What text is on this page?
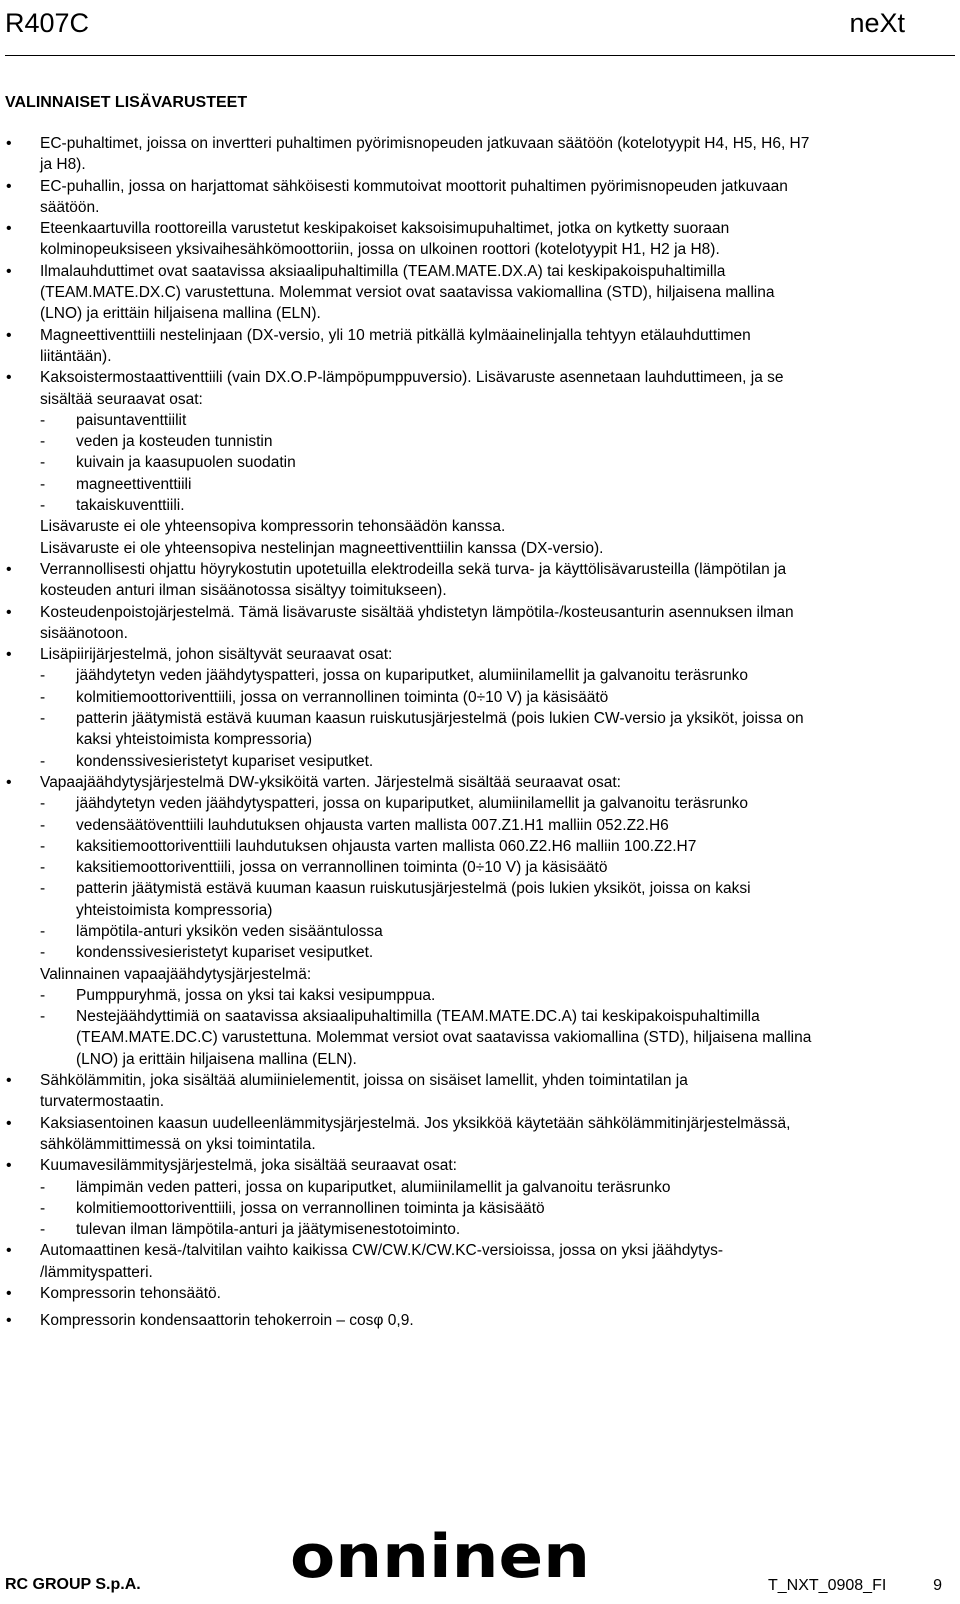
R407C	neXt
VALINNAISET LISÄVARUSTEET
• EC-puhaltimet, joissa on invertteri puhaltimen pyörimisnopeuden jatkuvaan säätöön (kotelotyypit H4, H5, H6, H7
ja H8).
• EC-puhallin, jossa on harjattomat sähköisesti kommutoivat moottorit puhaltimen pyörimisnopeuden jatkuvaan
säätöön.
• Eteenkaartuvilla roottoreilla varustetut keskipakoiset kaksoisimupuhaltimet, jotka on kytketty suoraan
kolminopeuksiseen yksivaihesähkömoottoriin, jossa on ulkoinen roottori (kotelotyypit H1, H2 ja H8).
• Ilmalauhduttimet ovat saatavissa aksiaalipuhaltimilla (TEAM.MATE.DX.A) tai keskipakoispuhaltimilla
(TEAM.MATE.DX.C) varustettuna. Molemmat versiot ovat saatavissa vakiomallina (STD), hiljaisena mallina
(LNO) ja erittäin hiljaisena mallina (ELN).
• Magneettiventtiili nestelinjaan (DX-versio, yli 10 metriä pitkällä kylmäainelinjalla tehtyyn etälauhduttimen
liitäntään).
• Kaksoistermostaattiventtiili (vain DX.O.P-lämpöpumppuversio). Lisävaruste asennetaan lauhduttimeen, ja se
sisältää seuraavat osat:
- paisuntaventtiilit
- veden ja kosteuden tunnistin
- kuivain ja kaasupuolen suodatin
- magneettiventtiili
- takaiskuventtiili.
Lisävaruste ei ole yhteensopiva kompressorin tehonsäädön kanssa.
Lisävaruste ei ole yhteensopiva nestelinjan magneettiventtiilin kanssa (DX-versio).
• Verrannollisesti ohjattu höyrykostutin upotetuilla elektrodeilla sekä turva- ja käyttölisävarusteilla (lämpötilan ja
kosteuden anturi ilman sisäänotossa sisältyy toimitukseen).
• Kosteudenpoistojärjestelmä. Tämä lisävaruste sisältää yhdistetyn lämpötila-/kosteusanturin asennuksen ilman
sisäänotoon.
• Lisäpiirijärjestelmä, johon sisältyvät seuraavat osat:
- jäähdytetyn veden jäähdytyspatteri, jossa on kupariputket, alumiinilamellit ja galvanoitu teräsrunko
- kolmitiemoottoriventtiili, jossa on verrannollinen toiminta (0÷10 V) ja käsisäätö
- patterin jäätymistä estävä kuuman kaasun ruiskutusjärjestelmä (pois lukien CW-versio ja yksiköt, joissa on
kaksi yhteistoimista kompressoria)
- kondenssivesieristetyt kupariset vesiputket.
• Vapaajäähdytysjärjestelmä DW-yksiköitä varten. Järjestelmä sisältää seuraavat osat:
- jäähdytetyn veden jäähdytyspatteri, jossa on kupariputket, alumiinilamellit ja galvanoitu teräsrunko
- vedensäätöventtiili lauhdutuksen ohjausta varten mallista 007.Z1.H1 malliin 052.Z2.H6
- kaksitiemoottoriventtiili lauhdutuksen ohjausta varten mallista 060.Z2.H6 malliin 100.Z2.H7
- kaksitiemoottoriventtiili, jossa on verrannollinen toiminta (0÷10 V) ja käsisäätö
- patterin jäätymistä estävä kuuman kaasun ruiskutusjärjestelmä (pois lukien yksiköt, joissa on kaksi
yhteistoimista kompressoria)
- lämpötila-anturi yksikön veden sisääntulossa
- kondenssivesieristetyt kupariset vesiputket.
Valinnainen vapaajäähdytysjärjestelmä:
- Pumppuryhmä, jossa on yksi tai kaksi vesipumppua.
- Nestejäähdyttimiä on saatavissa aksiaalipuhaltimilla (TEAM.MATE.DC.A) tai keskipakoispuhaltimilla
(TEAM.MATE.DC.C) varustettuna. Molemmat versiot ovat saatavissa vakiomallina (STD), hiljaisena mallina
(LNO) ja erittäin hiljaisena mallina (ELN).
• Sähkölämmitin, joka sisältää alumiinielementit, joissa on sisäiset lamellit, yhden toimintatilan ja
turvatermostaatin.
• Kaksiasentoinen kaasun uudelleenlämmitysjärjestelmä. Jos yksikköä käytetään sähkölämmitinjärjestelmässä,
sähkölämmittimessä on yksi toimintatila.
• Kuumavesilämmitysjärjestelmä, joka sisältää seuraavat osat:
- lämpimän veden patteri, jossa on kupariputket, alumiinilamellit ja galvanoitu teräsrunko
- kolmitiemoottoriventtiili, jossa on verrannollinen toiminta ja käsisäätö
- tulevan ilman lämpötila-anturi ja jäätymisenestotoiminto.
• Automaattinen kesä-/talvitilan vaihto kaikissa CW/CW.K/CW.KC-versioissa, jossa on yksi jäähdytys-
/lämmityspatteri.
• Kompressorin tehonsäätö.
• Kompressorin kondensaattorin tehokerroin – cosφ 0,9.
RC GROUP S.p.A. onninen	T_NXT_0908_FI	9
